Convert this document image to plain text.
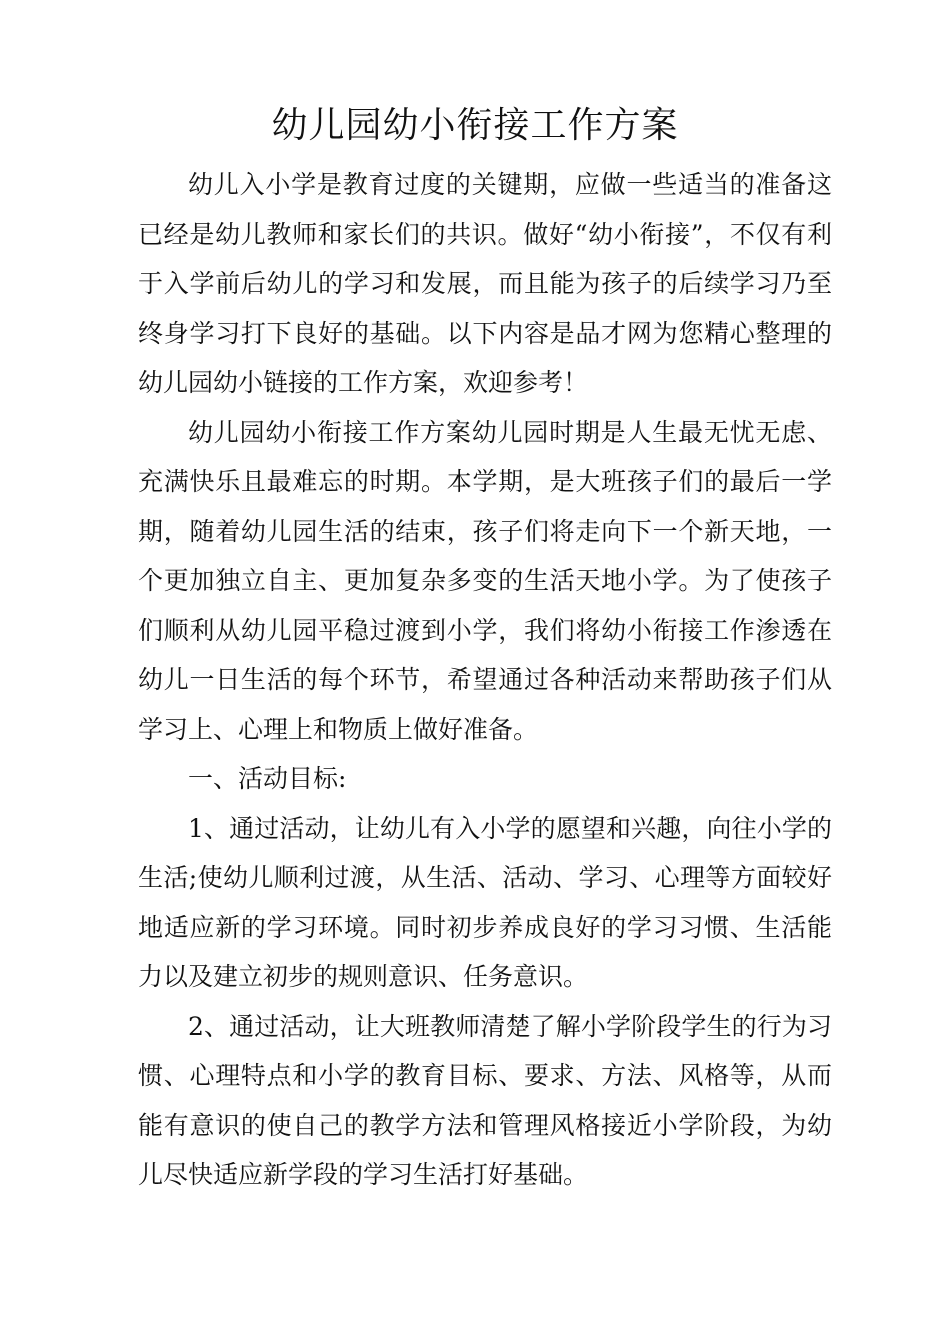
幼儿园幼小衔接工作方案

幼儿入小学是教育过度的关键期，应做一些适当的准备这已经是幼儿教师和家长们的共识。做好“幼小衔接”，不仅有利于入学前后幼儿的学习和发展，而且能为孩子的后续学习乃至终身学习打下良好的基础。以下内容是品才网为您精心整理的幼儿园幼小链接的工作方案，欢迎参考！

幼儿园幼小衔接工作方案幼儿园时期是人生最无忧无虑、充满快乐且最难忘的时期。本学期，是大班孩子们的最后一学期，随着幼儿园生活的结束，孩子们将走向下一个新天地，一个更加独立自主、更加复杂多变的生活天地小学。为了使孩子们顺利从幼儿园平稳过渡到小学，我们将幼小衔接工作渗透在幼儿一日生活的每个环节，希望通过各种活动来帮助孩子们从学习上、心理上和物质上做好准备。

一、活动目标:

1、通过活动，让幼儿有入小学的愿望和兴趣，向往小学的生活;使幼儿顺利过渡，从生活、活动、学习、心理等方面较好地适应新的学习环境。同时初步养成良好的学习习惯、生活能力以及建立初步的规则意识、任务意识。

2、通过活动，让大班教师清楚了解小学阶段学生的行为习惯、心理特点和小学的教育目标、要求、方法、风格等，从而能有意识的使自己的教学方法和管理风格接近小学阶段，为幼儿尽快适应新学段的学习生活打好基础。
